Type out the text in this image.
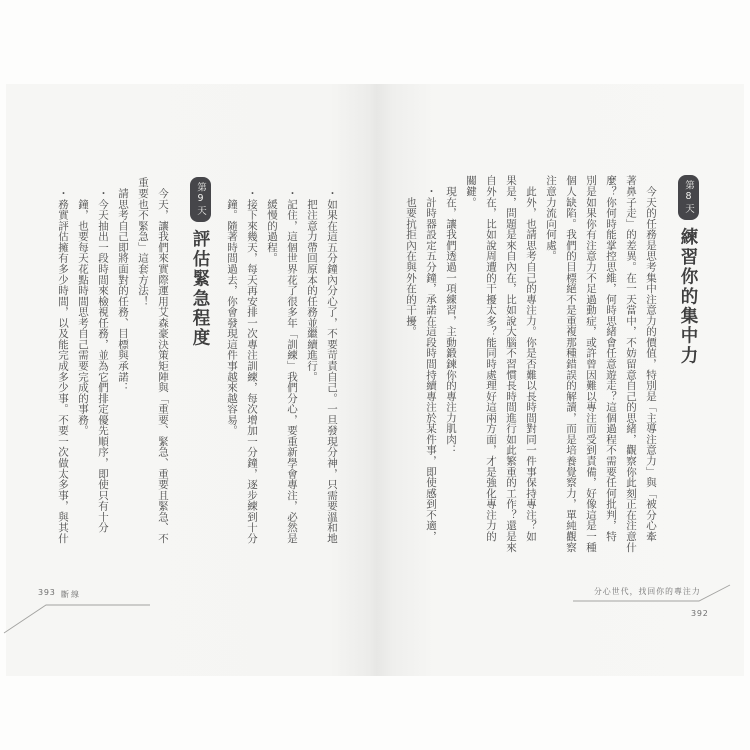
第8天練習你的集中力
　今天的任務是思考集中注意力的價值，特別是「主導注意力」與「被分心牽
著鼻子走」的差異。在一天當中，不妨留意自己的思緒，觀察你此刻正在注意什
麼？你何時能掌控思維，何時思緒會任意遊走？這個過程不需要任何批判，特
別是如果你有注意力不足過動症，或許曾因難以專注而受到責備，好像這是一種
個人缺陷。我們的目標絕不是重複那種錯誤的解讀，而是培養覺察力，單純觀察
注意力流向何處。
　此外，也請思考自己的專注力。你是否難以長時間對同一件事保持專注？如
果是，問題是來自內在，比如說大腦不習慣長時間進行如此繁重的工作？還是來
自外在，比如說周遭的干擾太多？能同時處理好這兩方面，才是強化專注力的
關鍵。
　現在，讓我們透過一項練習，主動鍛鍊你的專注力肌肉：
　・計時器設定五分鐘，承諾在這段時間持續專注於某件事，即使感到不適，
　　也要抗拒內在與外在的干擾。
　・如果在這五分鐘內分心了，不要苛責自己。一旦發現分神，只需要溫和地
　　把注意力帶回原本的任務並繼續進行。
　・記住，這個世界花了很多年「訓練」我們分心，要重新學會專注，必然是
　　緩慢的過程。
　・接下來幾天，每天再安排一次專注訓練，每次增加一分鐘，逐步練到十分
　　鐘。隨著時間過去，你會發現這件事越來越容易。
第9天評估緊急程度
　今天，讓我們來實際運用艾森豪決策矩陣與「重要、緊急、重要且緊急、不
重要也不緊急」這套方法！
　請思考自己即將面對的任務、目標與承諾：
　・今天抽出一段時間來檢視任務，並為它們排定優先順序，即使只有十分
　　鐘，也要每天花點時間思考自己需要完成的事務。
　・務實評估擁有多少時間，以及能完成多少事。不要一次做太多事，與其什
393 斷線	分心世代，找回你的專注力
392
